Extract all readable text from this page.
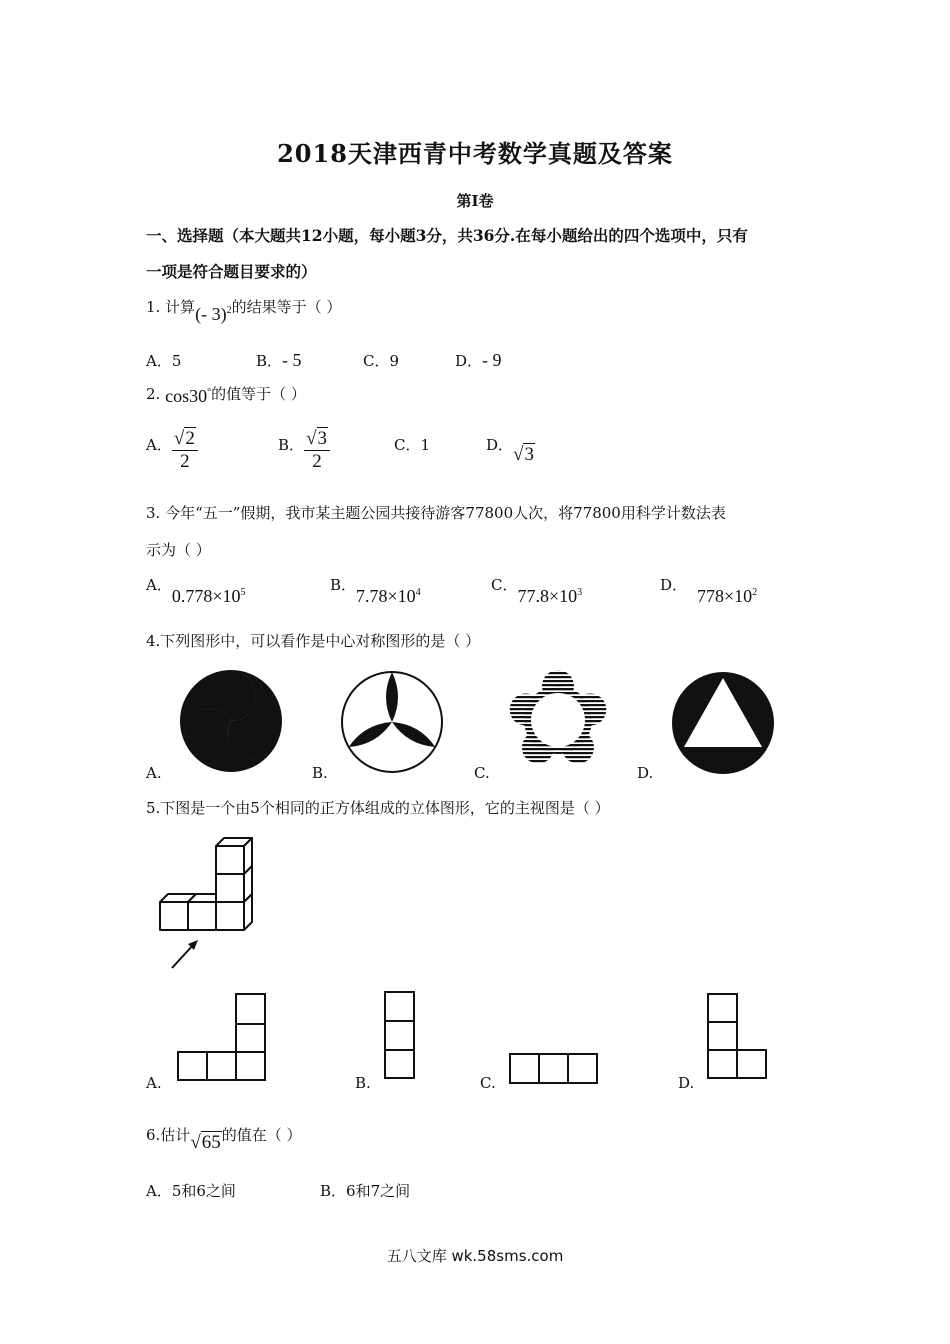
2018天津西青中考数学真题及答案
第I卷
一、选择题（本大题共12小题，每小题3分，共36分.在每小题给出的四个选项中，只有
一项是符合题目要求的）
1. 计算(- 3)$^2$的结果等于（ ）
A．5	B．- 5	C．9	D．- 9
2. cos30°的值等于（ ）
A． $\frac{√2}{2}$	B． $\frac{√3}{2}$	C．1	D．√3
3. 今年“五一”假期，我市某主题公园共接待游客77800人次，将77800用科学计数法表
示为（ ）
A．$0.778\times 10^5$	B．$7.78\times 10^4$	C．$77.8\times 10^3$	D．$778\times 10^2$
4.下列图形中，可以看作是中心对称图形的是（ ）
A.	B.	C.	D.
5.下图是一个由5个相同的正方体组成的立体图形，它的主视图是（ ）
A.	B.	C.	D.
6.估计√65的值在（ ）
A．5和6之间	B．6和7之间
五八文库 wk.58sms.com
